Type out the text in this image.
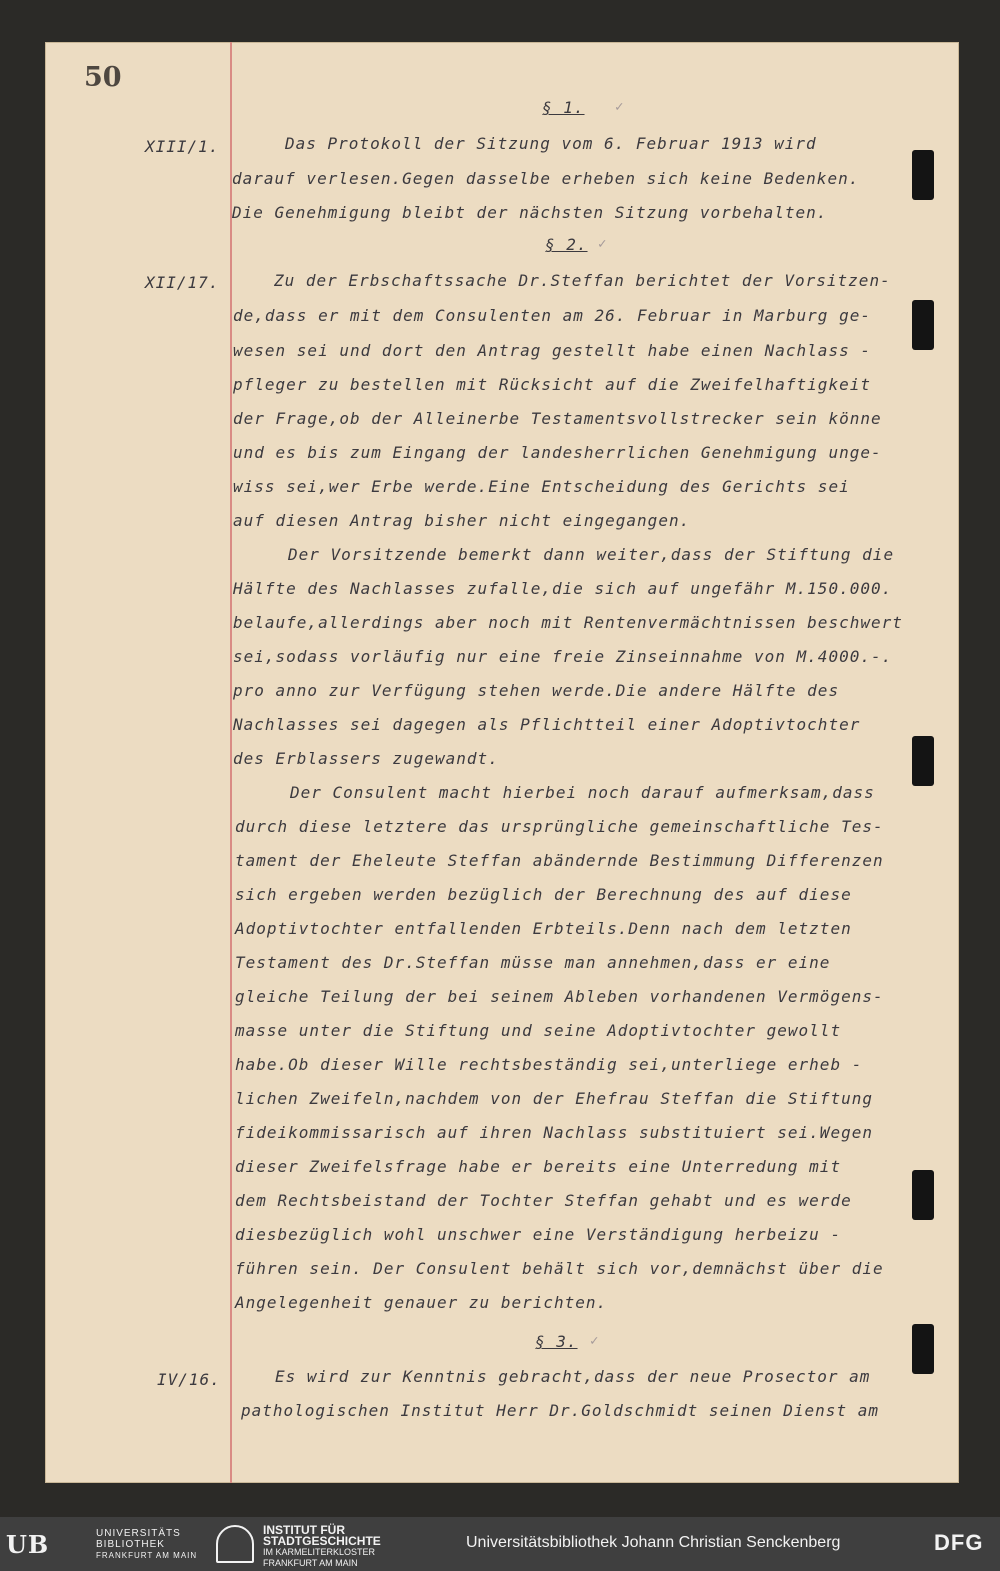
50
§ 1. ✓
XIII/1.	Das Protokoll der Sitzung vom 6. Februar 1913 wird
darauf verlesen.Gegen dasselbe erheben sich keine Bedenken.
Die Genehmigung bleibt der nächsten Sitzung vorbehalten.
§ 2. ✓
XII/17.	Zu der Erbschaftssache Dr.Steffan berichtet der Vorsitzen-
de,dass er mit dem Consulenten am 26. Februar in Marburg ge-
wesen sei und dort den Antrag gestellt habe einen Nachlass -
pfleger zu bestellen mit Rücksicht auf die Zweifelhaftigkeit
der Frage,ob der Alleinerbe Testamentsvollstrecker sein könne
und es bis zum Eingang der landesherrlichen Genehmigung unge-
wiss sei,wer Erbe werde.Eine Entscheidung des Gerichts sei
auf diesen Antrag bisher nicht eingegangen.
Der Vorsitzende bemerkt dann weiter,dass der Stiftung die
Hälfte des Nachlasses zufalle,die sich auf ungefähr M.150.000.
belaufe,allerdings aber noch mit Rentenvermächtnissen beschwert
sei,sodass vorläufig nur eine freie Zinseinnahme von M.4000.-.
pro anno zur Verfügung stehen werde.Die andere Hälfte des
Nachlasses sei dagegen als Pflichtteil einer Adoptivtochter
des Erblassers zugewandt.
Der Consulent macht hierbei noch darauf aufmerksam,dass
durch diese letztere das ursprüngliche gemeinschaftliche Tes-
tament der Eheleute Steffan abändernde Bestimmung Differenzen
sich ergeben werden bezüglich der Berechnung des auf diese
Adoptivtochter entfallenden Erbteils.Denn nach dem letzten
Testament des Dr.Steffan müsse man annehmen,dass er eine
gleiche Teilung der bei seinem Ableben vorhandenen Vermögens-
masse unter die Stiftung und seine Adoptivtochter gewollt
habe.Ob dieser Wille rechtsbeständig sei,unterliege erheb -
lichen Zweifeln,nachdem von der Ehefrau Steffan die Stiftung
fideikommissarisch auf ihren Nachlass substituiert sei.Wegen
dieser Zweifelsfrage habe er bereits eine Unterredung mit
dem Rechtsbeistand der Tochter Steffan gehabt und es werde
diesbezüglich wohl unschwer eine Verständigung herbeizu -
führen sein. Der Consulent behält sich vor,demnächst über die
Angelegenheit genauer zu berichten.
§ 3. ✓
IV/16.	Es wird zur Kenntnis gebracht,dass der neue Prosector am
pathologischen Institut Herr Dr.Goldschmidt seinen Dienst am
UB	UNIVERSITÄTS
BIBLIOTHEK
FRANKFURT AM MAIN
INSTITUT FÜR
STADTGESCHICHTE
IM KARMELITERKLOSTER
FRANKFURT AM MAIN
Universitätsbibliothek Johann Christian Senckenberg	DFG
